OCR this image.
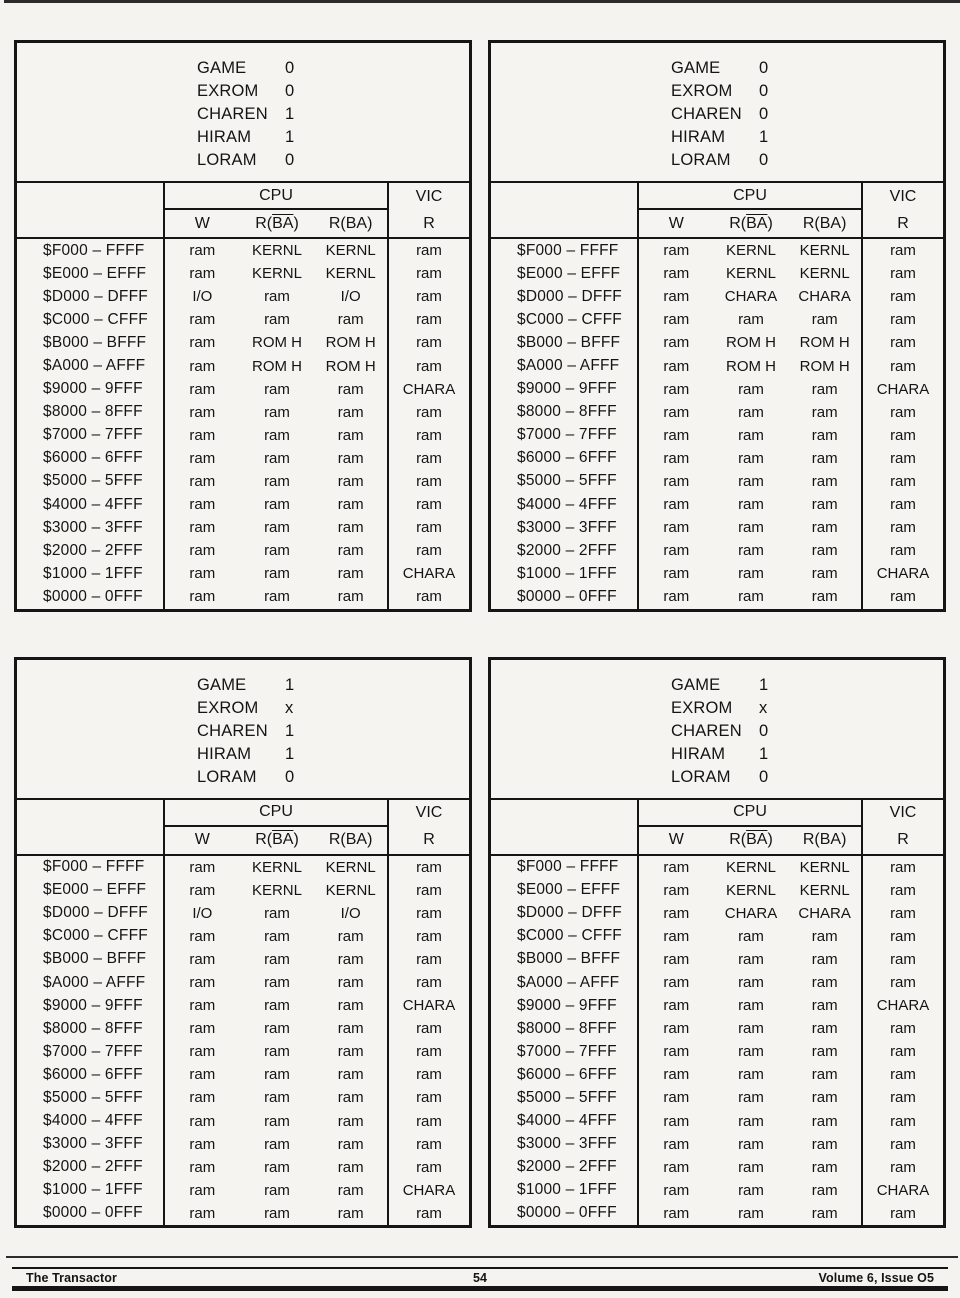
GAME	0
EXROM	0
CHAREN	1
HIRAM	1
LORAM	0
CPU	VIC
W	R( $\overline{BA}$ )	R(BA)	R
$F000 – FFFF	ram	KERNL	KERNL	ram
$E000 – EFFF	ram	KERNL	KERNL	ram
$D000 – DFFF	I/O	ram	I/O	ram
$C000 – CFFF	ram	ram	ram	ram
$B000 – BFFF	ram	ROM H	ROM H	ram
$A000 – AFFF	ram	ROM H	ROM H	ram
$9000 – 9FFF	ram	ram	ram	CHARA
$8000 – 8FFF	ram	ram	ram	ram
$7000 – 7FFF	ram	ram	ram	ram
$6000 – 6FFF	ram	ram	ram	ram
$5000 – 5FFF	ram	ram	ram	ram
$4000 – 4FFF	ram	ram	ram	ram
$3000 – 3FFF	ram	ram	ram	ram
$2000 – 2FFF	ram	ram	ram	ram
$1000 – 1FFF	ram	ram	ram	CHARA
$0000 – 0FFF	ram	ram	ram	ram
GAME	0
EXROM	0
CHAREN	0
HIRAM	1
LORAM	0
CPU	VIC
W	R( $\overline{BA}$ )	R(BA)	R
$F000 – FFFF	ram	KERNL	KERNL	ram
$E000 – EFFF	ram	KERNL	KERNL	ram
$D000 – DFFF	ram	CHARA	CHARA	ram
$C000 – CFFF	ram	ram	ram	ram
$B000 – BFFF	ram	ROM H	ROM H	ram
$A000 – AFFF	ram	ROM H	ROM H	ram
$9000 – 9FFF	ram	ram	ram	CHARA
$8000 – 8FFF	ram	ram	ram	ram
$7000 – 7FFF	ram	ram	ram	ram
$6000 – 6FFF	ram	ram	ram	ram
$5000 – 5FFF	ram	ram	ram	ram
$4000 – 4FFF	ram	ram	ram	ram
$3000 – 3FFF	ram	ram	ram	ram
$2000 – 2FFF	ram	ram	ram	ram
$1000 – 1FFF	ram	ram	ram	CHARA
$0000 – 0FFF	ram	ram	ram	ram
GAME	1
EXROM	x
CHAREN	1
HIRAM	1
LORAM	0
CPU	VIC
W	R( $\overline{BA}$ )	R(BA)	R
$F000 – FFFF	ram	KERNL	KERNL	ram
$E000 – EFFF	ram	KERNL	KERNL	ram
$D000 – DFFF	I/O	ram	I/O	ram
$C000 – CFFF	ram	ram	ram	ram
$B000 – BFFF	ram	ram	ram	ram
$A000 – AFFF	ram	ram	ram	ram
$9000 – 9FFF	ram	ram	ram	CHARA
$8000 – 8FFF	ram	ram	ram	ram
$7000 – 7FFF	ram	ram	ram	ram
$6000 – 6FFF	ram	ram	ram	ram
$5000 – 5FFF	ram	ram	ram	ram
$4000 – 4FFF	ram	ram	ram	ram
$3000 – 3FFF	ram	ram	ram	ram
$2000 – 2FFF	ram	ram	ram	ram
$1000 – 1FFF	ram	ram	ram	CHARA
$0000 – 0FFF	ram	ram	ram	ram
GAME	1
EXROM	x
CHAREN	0
HIRAM	1
LORAM	0
CPU	VIC
W	R( $\overline{BA}$ )	R(BA)	R
$F000 – FFFF	ram	KERNL	KERNL	ram
$E000 – EFFF	ram	KERNL	KERNL	ram
$D000 – DFFF	ram	CHARA	CHARA	ram
$C000 – CFFF	ram	ram	ram	ram
$B000 – BFFF	ram	ram	ram	ram
$A000 – AFFF	ram	ram	ram	ram
$9000 – 9FFF	ram	ram	ram	CHARA
$8000 – 8FFF	ram	ram	ram	ram
$7000 – 7FFF	ram	ram	ram	ram
$6000 – 6FFF	ram	ram	ram	ram
$5000 – 5FFF	ram	ram	ram	ram
$4000 – 4FFF	ram	ram	ram	ram
$3000 – 3FFF	ram	ram	ram	ram
$2000 – 2FFF	ram	ram	ram	ram
$1000 – 1FFF	ram	ram	ram	CHARA
$0000 – 0FFF	ram	ram	ram	ram
The Transactor	54	Volume 6, Issue O5
